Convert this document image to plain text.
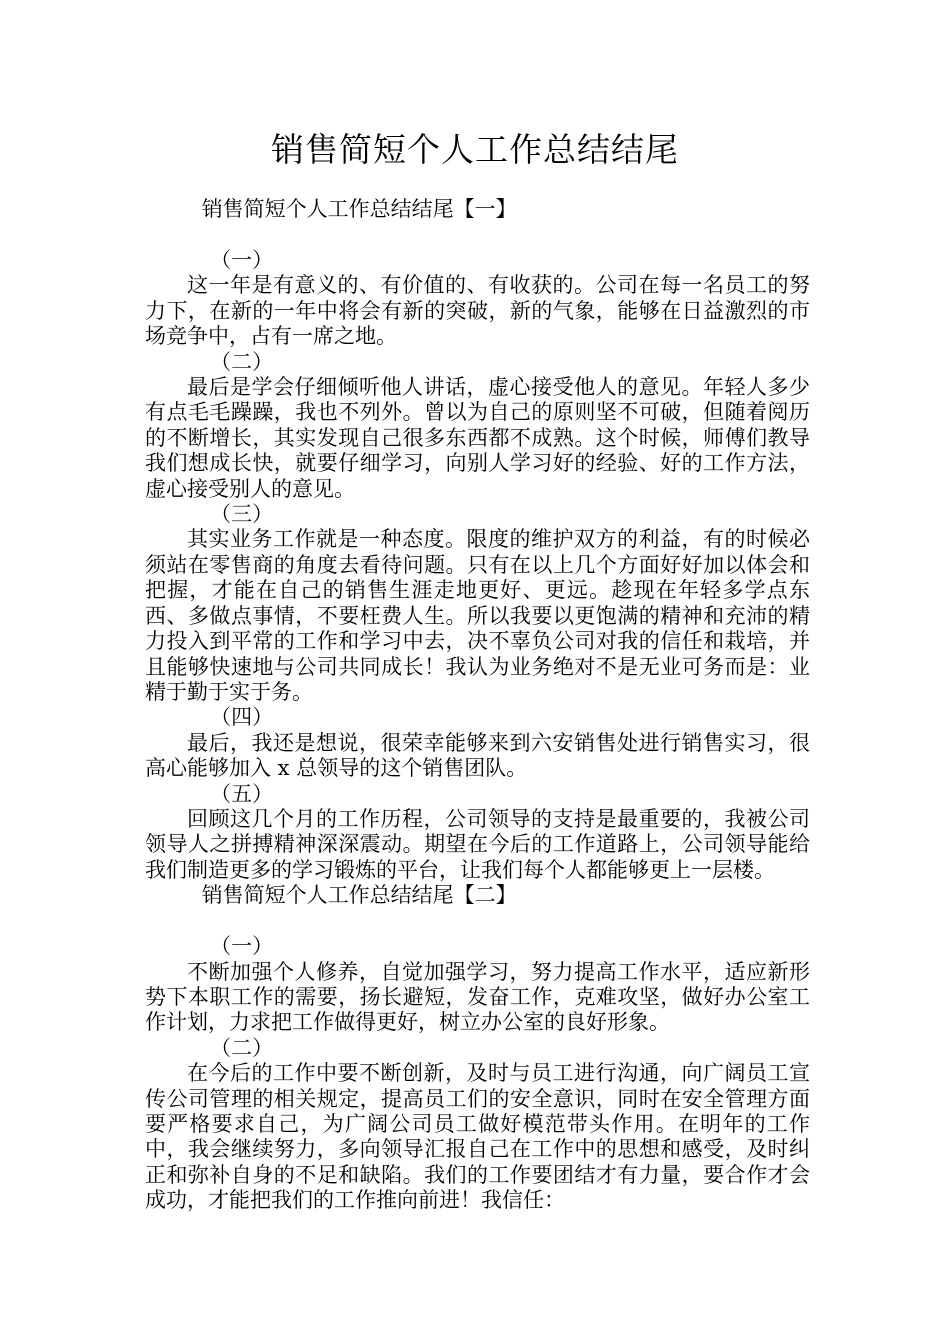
销售简短个人工作总结结尾
销售简短个人工作总结结尾【一】
（一）

这一年是有意义的、有价值的、有收获的。公司在每一名员工的努力下，在新的一年中将会有新的突破，新的气象，能够在日益激烈的市场竞争中，占有一席之地。

（二）

最后是学会仔细倾听他人讲话，虚心接受他人的意见。年轻人多少有点毛毛躁躁，我也不列外。曾以为自己的原则坚不可破，但随着阅历的不断增长，其实发现自己很多东西都不成熟。这个时候，师傅们教导我们想成长快，就要仔细学习，向别人学习好的经验、好的工作方法，虚心接受别人的意见。

（三）

其实业务工作就是一种态度。限度的维护双方的利益，有的时候必须站在零售商的角度去看待问题。只有在以上几个方面好好加以体会和把握，才能在自己的销售生涯走地更好、更远。趁现在年轻多学点东西、多做点事情，不要枉费人生。所以我要以更饱满的精神和充沛的精力投入到平常的工作和学习中去，决不辜负公司对我的信任和栽培，并且能够快速地与公司共同成长！我认为业务绝对不是无业可务而是：业精于勤于实于务。

（四）

最后，我还是想说，很荣幸能够来到六安销售处进行销售实习，很高心能够加入 x 总领导的这个销售团队。

（五）

回顾这几个月的工作历程，公司领导的支持是最重要的，我被公司领导人之拼搏精神深深震动。期望在今后的工作道路上，公司领导能给我们制造更多的学习锻炼的平台，让我们每个人都能够更上一层楼。

销售简短个人工作总结结尾【二】
（一）

不断加强个人修养，自觉加强学习，努力提高工作水平，适应新形势下本职工作的需要，扬长避短，发奋工作，克难攻坚，做好办公室工作计划，力求把工作做得更好，树立办公室的良好形象。

（二）

在今后的工作中要不断创新，及时与员工进行沟通，向广阔员工宣传公司管理的相关规定，提高员工们的安全意识，同时在安全管理方面要严格要求自己，为广阔公司员工做好模范带头作用。在明年的工作中，我会继续努力，多向领导汇报自己在工作中的思想和感受，及时纠正和弥补自身的不足和缺陷。我们的工作要团结才有力量，要合作才会成功，才能把我们的工作推向前进！我信任：
